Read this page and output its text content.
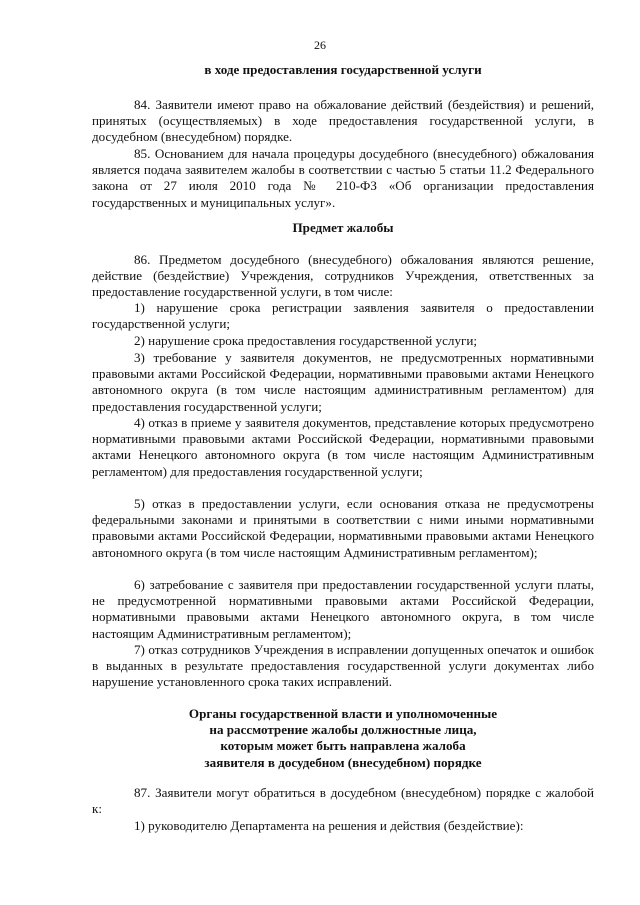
26
в ходе предоставления государственной услуги

84. Заявители имеют право на обжалование действий (бездействия) и решений, принятых (осуществляемых) в ходе предоставления государственной услуги, в досудебном (внесудебном) порядке.

85. Основанием для начала процедуры досудебного (внесудебного) обжалования является подача заявителем жалобы в соответствии с частью 5 статьи 11.2 Федерального закона от 27 июля 2010 года № 210-ФЗ «Об организации предоставления государственных и муниципальных услуг».

Предмет жалобы

86. Предметом досудебного (внесудебного) обжалования являются решение, действие (бездействие) Учреждения, сотрудников Учреждения, ответственных за предоставление государственной услуги, в том числе:

1) нарушение срока регистрации заявления заявителя о предоставлении государственной услуги;

2) нарушение срока предоставления государственной услуги;

3) требование у заявителя документов, не предусмотренных нормативными правовыми актами Российской Федерации, нормативными правовыми актами Ненецкого автономного округа (в том числе настоящим административным регламентом) для предоставления государственной услуги;

4) отказ в приеме у заявителя документов, представление которых предусмотрено нормативными правовыми актами Российской Федерации, нормативными правовыми актами Ненецкого автономного округа (в том числе настоящим Административным регламентом) для предоставления государственной услуги;

5) отказ в предоставлении услуги, если основания отказа не предусмотрены федеральными законами и принятыми в соответствии с ними иными нормативными правовыми актами Российской Федерации, нормативными правовыми актами Ненецкого автономного округа (в том числе настоящим Административным регламентом);

6) затребование с заявителя при предоставлении государственной услуги платы, не предусмотренной нормативными правовыми актами Российской Федерации, нормативными правовыми актами Ненецкого автономного округа, в том числе настоящим Административным регламентом);

7) отказ сотрудников Учреждения в исправлении допущенных опечаток и ошибок в выданных в результате предоставления государственной услуги документах либо нарушение установленного срока таких исправлений.

Органы государственной власти и уполномоченные
на рассмотрение жалобы должностные лица,
которым может быть направлена жалоба
заявителя в досудебном (внесудебном) порядке

87. Заявители могут обратиться в досудебном (внесудебном) порядке с жалобой к:

1) руководителю Департамента на решения и действия (бездействие):
